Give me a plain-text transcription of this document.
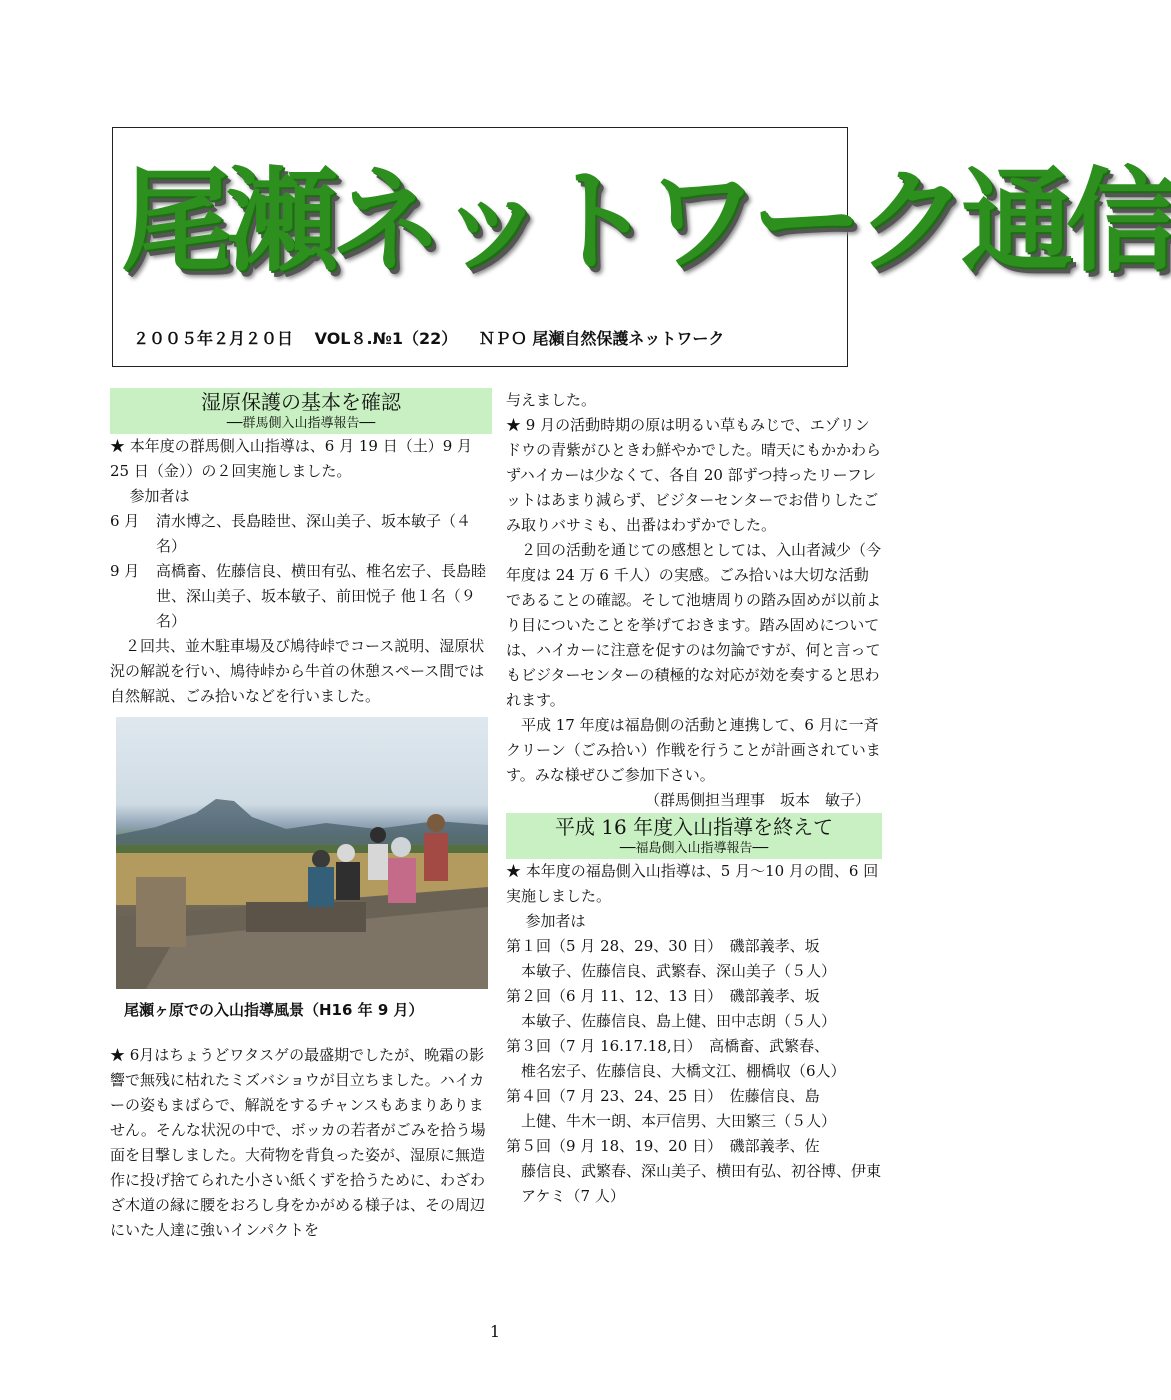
尾瀬ネットワーク通信
２００５年２月２０日 VOL８.№1（22） ＮＰＯ 尾瀬自然保護ネットワーク
湿原保護の基本を確認
── 群馬側入山指導報告 ──

★ 本年度の群馬側入山指導は、6 月 19 日（土）9 月 25 日（金））の２回実施しました。

参加者は

6 月	清水博之、長島睦世、深山美子、坂本敏子（４名）
9 月	高橋畜、佐藤信良、横田有弘、椎名宏子、長島睦世、深山美子、坂本敏子、前田悦子 他１名（９名）

２回共、並木駐車場及び鳩待峠でコース説明、湿原状況の解説を行い、鳩待峠から牛首の休憩スペース間では自然解説、ごみ拾いなどを行いました。

尾瀬ヶ原での入山指導風景（H16 年 9 月）

★ 6月はちょうどワタスゲの最盛期でしたが、晩霜の影響で無残に枯れたミズバショウが目立ちました。ハイカーの姿もまばらで、解説をするチャンスもあまりありません。そんな状況の中で、ボッカの若者がごみを拾う場面を目撃しました。大荷物を背負った姿が、湿原に無造作に投げ捨てられた小さい紙くずを拾うために、わざわざ木道の縁に腰をおろし身をかがめる様子は、その周辺にいた人達に強いインパクトを

与えました。

★ 9 月の活動時期の原は明るい草もみじで、エゾリンドウの青紫がひときわ鮮やかでした。晴天にもかかわらずハイカーは少なくて、各自 20 部ずつ持ったリーフレットはあまり減らず、ビジターセンターでお借りしたごみ取りバサミも、出番はわずかでした。

２回の活動を通じての感想としては、入山者減少（今年度は 24 万 6 千人）の実感。ごみ拾いは大切な活動であることの確認。そして池塘周りの踏み固めが以前より目についたことを挙げておきます。踏み固めについては、ハイカーに注意を促すのは勿論ですが、何と言ってもビジターセンターの積極的な対応が効を奏すると思われます。

平成 17 年度は福島側の活動と連携して、6 月に一斉クリーン（ごみ拾い）作戦を行うことが計画されています。みな様ぜひご参加下さい。

（群馬側担当理事　坂本　敏子）
平成 16 年度入山指導を終えて
── 福島側入山指導報告 ──

★ 本年度の福島側入山指導は、5 月～10 月の間、6 回実施しました。

参加者は

第１回（5 月 28、29、30 日）　磯部義孝、坂
本敏子、佐藤信良、武繁春、深山美子（５人）
第２回（6 月 11、12、13 日）　磯部義孝、坂
本敏子、佐藤信良、島上健、田中志朗（５人）
第３回（7 月 16.17.18,日）　高橋畜、武繁春、
椎名宏子、佐藤信良、大橋文江、棚橋収（6人）
第４回（7 月 23、24、25 日）　佐藤信良、島
上健、牛木一朗、本戸信男、大田繁三（５人）
第５回（9 月 18、19、20 日）　磯部義孝、佐
藤信良、武繁春、深山美子、横田有弘、初谷博、伊東アケミ（7 人）
1
